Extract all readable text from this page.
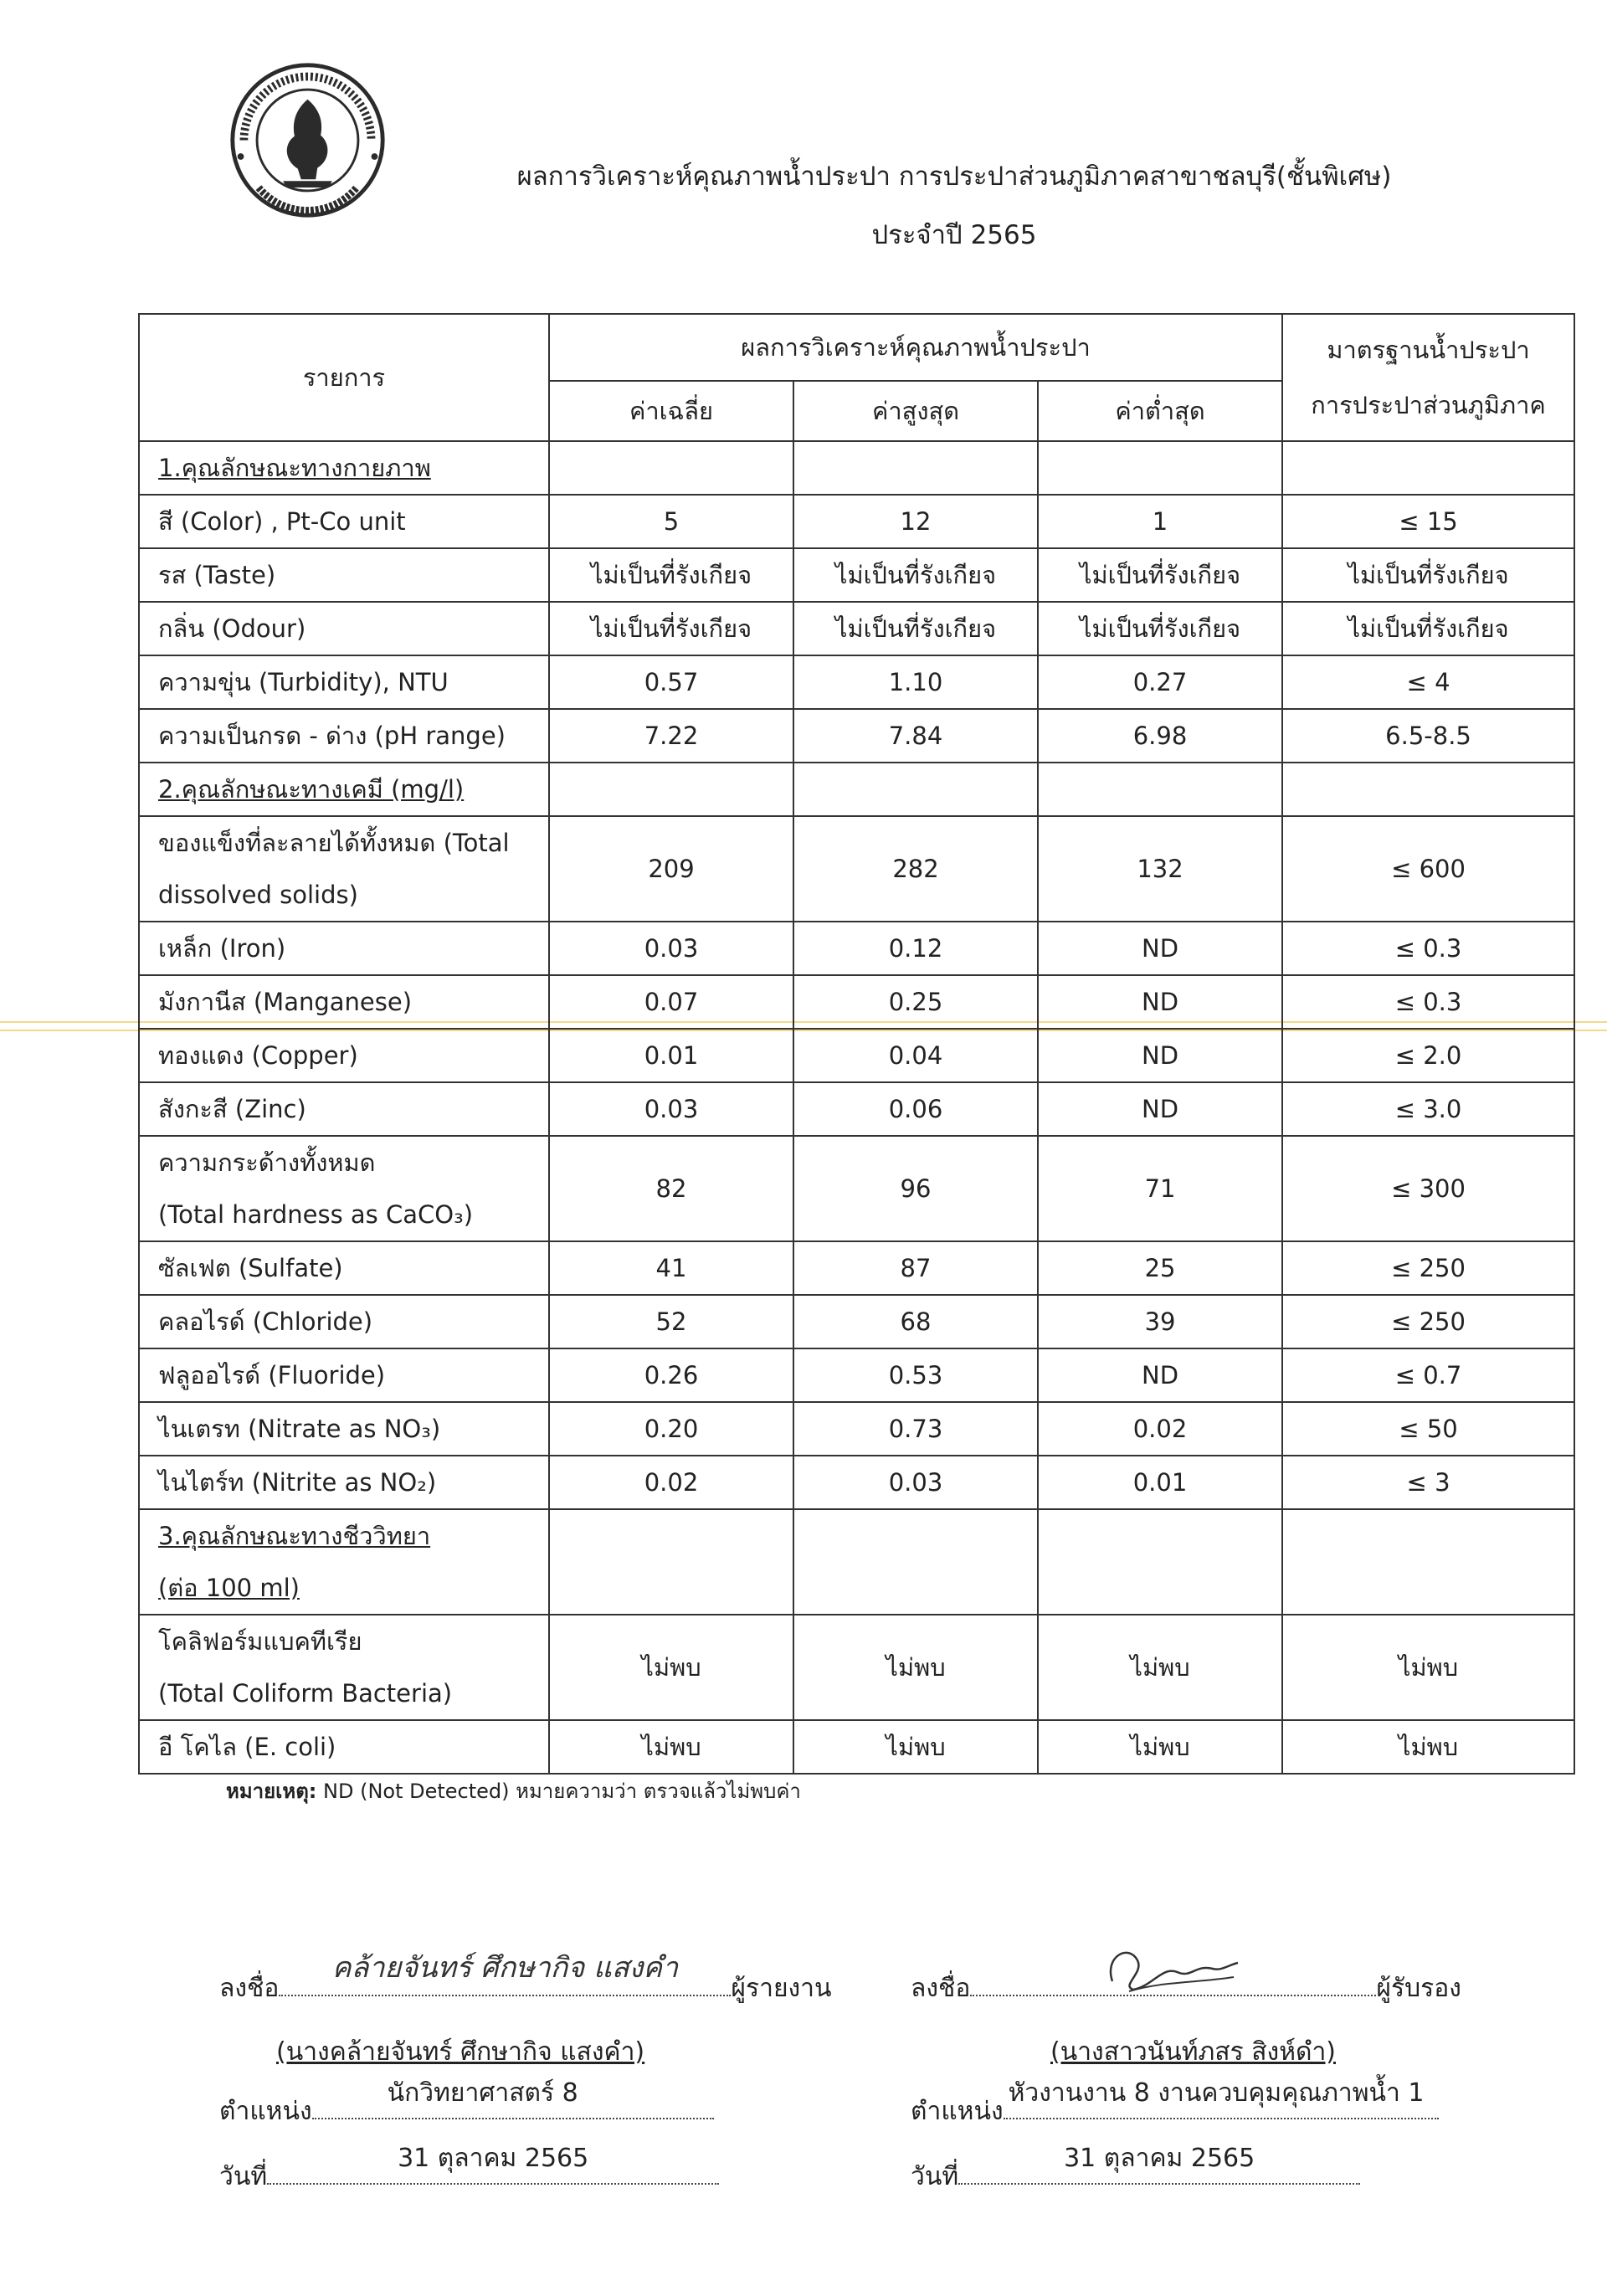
ผลการวิเคราะห์คุณภาพน้ำประปา การประปาส่วนภูมิภาคสาขาชลบุรี(ชั้นพิเศษ)
ประจำปี 2565
รายการ	ผลการวิเคราะห์คุณภาพน้ำประปา			มาตรฐานน้ำประปา
การประปาส่วนภูมิภาค

	ค่าเฉลี่ย	ค่าสูงสุด	ค่าต่ำสุด	

1.คุณลักษณะทางกายภาพ				

สี (Color) , Pt-Co unit	5	12	1	≤ 15

รส (Taste)	ไม่เป็นที่รังเกียจ	ไม่เป็นที่รังเกียจ	ไม่เป็นที่รังเกียจ	ไม่เป็นที่รังเกียจ

กลิ่น (Odour)	ไม่เป็นที่รังเกียจ	ไม่เป็นที่รังเกียจ	ไม่เป็นที่รังเกียจ	ไม่เป็นที่รังเกียจ

ความขุ่น (Turbidity), NTU	0.57	1.10	0.27	≤ 4

ความเป็นกรด - ด่าง (pH range)	7.22	7.84	6.98	6.5-8.5

2.คุณลักษณะทางเคมี (mg/l)				

ของแข็งที่ละลายได้ทั้งหมด (Total
dissolved solids)	209	282	132	≤ 600

เหล็ก (Iron)	0.03	0.12	ND	≤ 0.3

มังกานีส (Manganese)	0.07	0.25	ND	≤ 0.3

ทองแดง (Copper)	0.01	0.04	ND	≤ 2.0

สังกะสี (Zinc)	0.03	0.06	ND	≤ 3.0

ความกระด้างทั้งหมด
(Total hardness as CaCO₃)	82	96	71	≤ 300

ซัลเฟต (Sulfate)	41	87	25	≤ 250

คลอไรด์ (Chloride)	52	68	39	≤ 250

ฟลูออไรด์ (Fluoride)	0.26	0.53	ND	≤ 0.7

ไนเตรท (Nitrate as NO₃)	0.20	0.73	0.02	≤ 50

ไนไตร์ท (Nitrite as NO₂)	0.02	0.03	0.01	≤ 3

3.คุณลักษณะทางชีววิทยา
(ต่อ 100 ml)				

โคลิฟอร์มแบคทีเรีย
(Total Coliform Bacteria)	ไม่พบ	ไม่พบ	ไม่พบ	ไม่พบ

อี โคไล (E. coli)	ไม่พบ	ไม่พบ	ไม่พบ	ไม่พบ
หมายเหตุ: ND (Not Detected) หมายความว่า ตรวจแล้วไม่พบค่า
ลงชื่อ
คล้ายจันทร์ ศึกษากิจ แสงคำ
ผู้รายงาน
(นางคล้ายจันทร์ ศึกษากิจ แสงคำ)
ตำแหน่ง
นักวิทยาศาสตร์ 8
วันที่
31 ตุลาคม 2565
ลงชื่อ	ผู้รับรอง
(นางสาวนันท์ภสร สิงห์ดำ)
ตำแหน่ง
หัวงานงาน 8 งานควบคุมคุณภาพน้ำ 1
วันที่
31 ตุลาคม 2565
